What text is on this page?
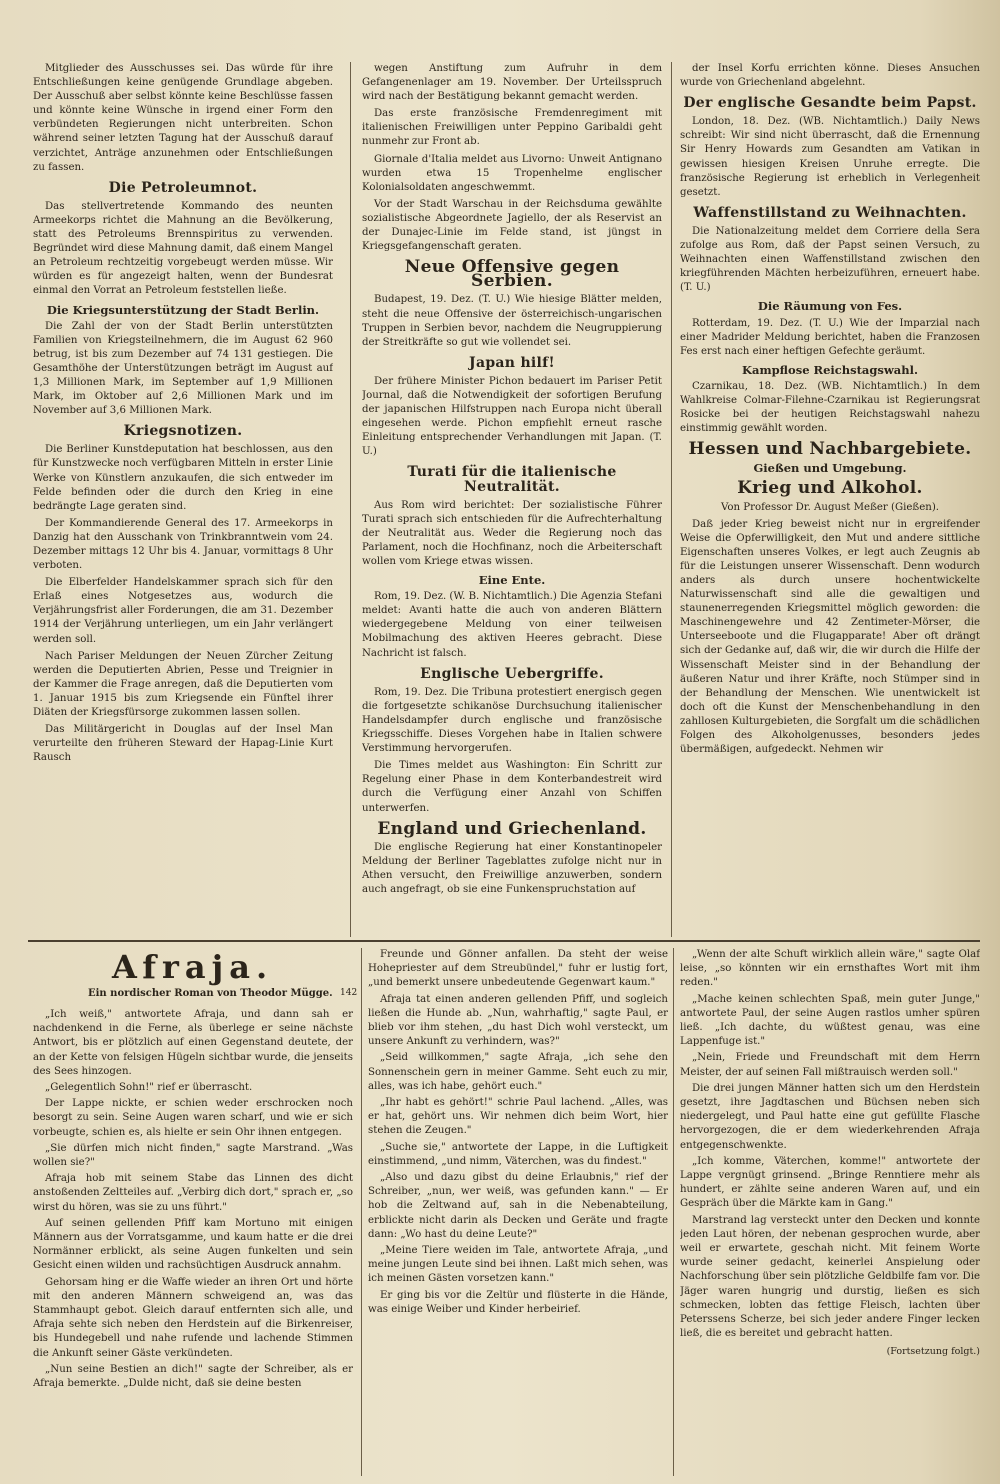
Mitglieder des Ausschusses sei. Das würde für ihre Entschließungen keine genügende Grundlage abgeben. Der Ausschuß aber selbst könnte keine Beschlüsse fassen und könnte keine Wünsche in irgend einer Form den verbündeten Regierungen nicht unterbreiten. Schon während seiner letzten Tagung hat der Ausschuß darauf verzichtet, Anträge anzunehmen oder Entschließungen zu fassen.

Die Petroleumnot.

Das stellvertretende Kommando des neunten Armeekorps richtet die Mahnung an die Bevölkerung, statt des Petroleums Brennspiritus zu verwenden. Begründet wird diese Mahnung damit, daß einem Mangel an Petroleum rechtzeitig vorgebeugt werden müsse. Wir würden es für angezeigt halten, wenn der Bundesrat einmal den Vorrat an Petroleum feststellen ließe.

Die Kriegsunterstützung der Stadt Berlin.

Die Zahl der von der Stadt Berlin unterstützten Familien von Kriegsteilnehmern, die im August 62 960 betrug, ist bis zum Dezember auf 74 131 gestiegen. Die Gesamthöhe der Unterstützungen beträgt im August auf 1,3 Millionen Mark, im September auf 1,9 Millionen Mark, im Oktober auf 2,6 Millionen Mark und im November auf 3,6 Millionen Mark.

Kriegsnotizen.

Die Berliner Kunstdeputation hat beschlossen, aus den für Kunstzwecke noch verfügbaren Mitteln in erster Linie Werke von Künstlern anzukaufen, die sich entweder im Felde befinden oder die durch den Krieg in eine bedrängte Lage geraten sind.

Der Kommandierende General des 17. Armeekorps in Danzig hat den Ausschank von Trinkbranntwein vom 24. Dezember mittags 12 Uhr bis 4. Januar, vormittags 8 Uhr verboten.

Die Elberfelder Handelskammer sprach sich für den Erlaß eines Notgesetzes aus, wodurch die Verjährungsfrist aller Forderungen, die am 31. Dezember 1914 der Verjährung unterliegen, um ein Jahr verlängert werden soll.

Nach Pariser Meldungen der Neuen Zürcher Zeitung werden die Deputierten Abrien, Pesse und Treignier in der Kammer die Frage anregen, daß die Deputierten vom 1. Januar 1915 bis zum Kriegsende ein Fünftel ihrer Diäten der Kriegsfürsorge zukommen lassen sollen.

Das Militärgericht in Douglas auf der Insel Man verurteilte den früheren Steward der Hapag-Linie Kurt Rausch

wegen Anstiftung zum Aufruhr in dem Gefangenenlager am 19. November. Der Urteilsspruch wird nach der Bestätigung bekannt gemacht werden.

Das erste französische Fremdenregiment mit italienischen Freiwilligen unter Peppino Garibaldi geht nunmehr zur Front ab.

Giornale d'Italia meldet aus Livorno: Unweit Antignano wurden etwa 15 Tropenhelme englischer Kolonialsoldaten angeschwemmt.

Vor der Stadt Warschau in der Reichsduma gewählte sozialistische Abgeordnete Jagiello, der als Reservist an der Dunajec-Linie im Felde stand, ist jüngst in Kriegsgefangenschaft geraten.

Neue Offensive gegen Serbien.

Budapest, 19. Dez. (T. U.) Wie hiesige Blätter melden, steht die neue Offensive der österreichisch-ungarischen Truppen in Serbien bevor, nachdem die Neugruppierung der Streitkräfte so gut wie vollendet sei.

Japan hilf!

Der frühere Minister Pichon bedauert im Pariser Petit Journal, daß die Notwendigkeit der sofortigen Berufung der japanischen Hilfstruppen nach Europa nicht überall eingesehen werde. Pichon empfiehlt erneut rasche Einleitung entsprechender Verhandlungen mit Japan. (T. U.)

Turati für die italienische Neutralität.

Aus Rom wird berichtet: Der sozialistische Führer Turati sprach sich entschieden für die Aufrechterhaltung der Neutralität aus. Weder die Regierung noch das Parlament, noch die Hochfinanz, noch die Arbeiterschaft wollen vom Kriege etwas wissen.

Eine Ente.

Rom, 19. Dez. (W. B. Nichtamtlich.) Die Agenzia Stefani meldet: Avanti hatte die auch von anderen Blättern wiedergegebene Meldung von einer teilweisen Mobilmachung des aktiven Heeres gebracht. Diese Nachricht ist falsch.

Englische Uebergriffe.

Rom, 19. Dez. Die Tribuna protestiert energisch gegen die fortgesetzte schikanöse Durchsuchung italienischer Handelsdampfer durch englische und französische Kriegsschiffe. Dieses Vorgehen habe in Italien schwere Verstimmung hervorgerufen.

Die Times meldet aus Washington: Ein Schritt zur Regelung einer Phase in dem Konterbandestreit wird durch die Verfügung einer Anzahl von Schiffen unterwerfen.

England und Griechenland.

Die englische Regierung hat einer Konstantinopeler Meldung der Berliner Tageblattes zufolge nicht nur in Athen versucht, den Freiwillige anzuwerben, sondern auch angefragt, ob sie eine Funkenspruchstation auf

der Insel Korfu errichten könne. Dieses Ansuchen wurde von Griechenland abgelehnt.

Der englische Gesandte beim Papst.

London, 18. Dez. (WB. Nichtamtlich.) Daily News schreibt: Wir sind nicht überrascht, daß die Ernennung Sir Henry Howards zum Gesandten am Vatikan in gewissen hiesigen Kreisen Unruhe erregte. Die französische Regierung ist erheblich in Verlegenheit gesetzt.

Waffenstillstand zu Weihnachten.

Die Nationalzeitung meldet dem Corriere della Sera zufolge aus Rom, daß der Papst seinen Versuch, zu Weihnachten einen Waffenstillstand zwischen den kriegführenden Mächten herbeizuführen, erneuert habe. (T. U.)

Die Räumung von Fes.

Rotterdam, 19. Dez. (T. U.) Wie der Imparzial nach einer Madrider Meldung berichtet, haben die Franzosen Fes erst nach einer heftigen Gefechte geräumt.

Kampflose Reichstagswahl.

Czarnikau, 18. Dez. (WB. Nichtamtlich.) In dem Wahlkreise Colmar-Filehne-Czarnikau ist Regierungsrat Rosicke bei der heutigen Reichstagswahl nahezu einstimmig gewählt worden.

Hessen und Nachbargebiete.
Gießen und Umgebung.
Krieg und Alkohol.

Von Professor Dr. August Meßer (Gießen).

Daß jeder Krieg beweist nicht nur in ergreifender Weise die Opferwilligkeit, den Mut und andere sittliche Eigenschaften unseres Volkes, er legt auch Zeugnis ab für die Leistungen unserer Wissenschaft. Denn wodurch anders als durch unsere hochentwickelte Naturwissenschaft sind alle die gewaltigen und staunenerregenden Kriegsmittel möglich geworden: die Maschinengewehre und 42 Zentimeter-Mörser, die Unterseeboote und die Flugapparate! Aber oft drängt sich der Gedanke auf, daß wir, die wir durch die Hilfe der Wissenschaft Meister sind in der Behandlung der äußeren Natur und ihrer Kräfte, noch Stümper sind in der Behandlung der Menschen. Wie unentwickelt ist doch oft die Kunst der Menschenbehandlung in den zahllosen Kulturgebieten, die Sorgfalt um die schädlichen Folgen des Alkoholgenusses, besonders jedes übermäßigen, aufgedeckt. Nehmen wir

Afraja.
Ein nordischer Roman von Theodor Mügge. 142

„Ich weiß," antwortete Afraja, und dann sah er nachdenkend in die Ferne, als überlege er seine nächste Antwort, bis er plötzlich auf einen Gegenstand deutete, der an der Kette von felsigen Hügeln sichtbar wurde, die jenseits des Sees hinzogen.

„Gelegentlich Sohn!" rief er überrascht.

Der Lappe nickte, er schien weder erschrocken noch besorgt zu sein. Seine Augen waren scharf, und wie er sich vorbeugte, schien es, als hielte er sein Ohr ihnen entgegen.

„Sie dürfen mich nicht finden," sagte Marstrand. „Was wollen sie?"

Afraja hob mit seinem Stabe das Linnen des dicht anstoßenden Zeltteiles auf. „Verbirg dich dort," sprach er, „so wirst du hören, was sie zu uns führt."

Auf seinen gellenden Pfiff kam Mortuno mit einigen Männern aus der Vorratsgamme, und kaum hatte er die drei Normänner erblickt, als seine Augen funkelten und sein Gesicht einen wilden und rachsüchtigen Ausdruck annahm.

Gehorsam hing er die Waffe wieder an ihren Ort und hörte mit den anderen Männern schweigend an, was das Stammhaupt gebot. Gleich darauf entfernten sich alle, und Afraja sehte sich neben den Herdstein auf die Birkenreiser, bis Hundegebell und nahe rufende und lachende Stimmen die Ankunft seiner Gäste verkündeten.

„Nun seine Bestien an dich!" sagte der Schreiber, als er Afraja bemerkte. „Dulde nicht, daß sie deine besten

Freunde und Gönner anfallen. Da steht der weise Hohepriester auf dem Streubündel," fuhr er lustig fort, „und bemerkt unsere unbedeutende Gegenwart kaum."

Afraja tat einen anderen gellenden Pfiff, und sogleich ließen die Hunde ab. „Nun, wahrhaftig," sagte Paul, er blieb vor ihm stehen, „du hast Dich wohl versteckt, um unsere Ankunft zu verhindern, was?"

„Seid willkommen," sagte Afraja, „ich sehe den Sonnenschein gern in meiner Gamme. Seht euch zu mir, alles, was ich habe, gehört euch."

„Ihr habt es gehört!" schrie Paul lachend. „Alles, was er hat, gehört uns. Wir nehmen dich beim Wort, hier stehen die Zeugen."

„Suche sie," antwortete der Lappe, in die Luftigkeit einstimmend, „und nimm, Väterchen, was du findest."

„Also und dazu gibst du deine Erlaubnis," rief der Schreiber, „nun, wer weiß, was gefunden kann." — Er hob die Zeltwand auf, sah in die Nebenabteilung, erblickte nicht darin als Decken und Geräte und fragte dann: „Wo hast du deine Leute?"

„Meine Tiere weiden im Tale, antwortete Afraja, „und meine jungen Leute sind bei ihnen. Laßt mich sehen, was ich meinen Gästen vorsetzen kann."

Er ging bis vor die Zeltür und flüsterte in die Hände, was einige Weiber und Kinder herbeirief.

„Wenn der alte Schuft wirklich allein wäre," sagte Olaf leise, „so könnten wir ein ernsthaftes Wort mit ihm reden."

„Mache keinen schlechten Spaß, mein guter Junge," antwortete Paul, der seine Augen rastlos umher spüren ließ. „Ich dachte, du wüßtest genau, was eine Lappenfuge ist."

„Nein, Friede und Freundschaft mit dem Herrn Meister, der auf seinen Fall mißtrauisch werden soll."

Die drei jungen Männer hatten sich um den Herdstein gesetzt, ihre Jagdtaschen und Büchsen neben sich niedergelegt, und Paul hatte eine gut gefüllte Flasche hervorgezogen, die er dem wiederkehrenden Afraja entgegenschwenkte.

„Ich komme, Väterchen, komme!" antwortete der Lappe vergnügt grinsend. „Bringe Renntiere mehr als hundert, er zählte seine anderen Waren auf, und ein Gespräch über die Märkte kam in Gang."

Marstrand lag versteckt unter den Decken und konnte jeden Laut hören, der nebenan gesprochen wurde, aber weil er erwartete, geschah nicht. Mit feinem Worte wurde seiner gedacht, keinerlei Anspielung oder Nachforschung über sein plötzliche Geldbilfe fam vor. Die Jäger waren hungrig und durstig, ließen es sich schmecken, lobten das fettige Fleisch, lachten über Peterssens Scherze, bei sich jeder andere Finger lecken ließ, die es bereitet und gebracht hatten.

(Fortsetzung folgt.)
